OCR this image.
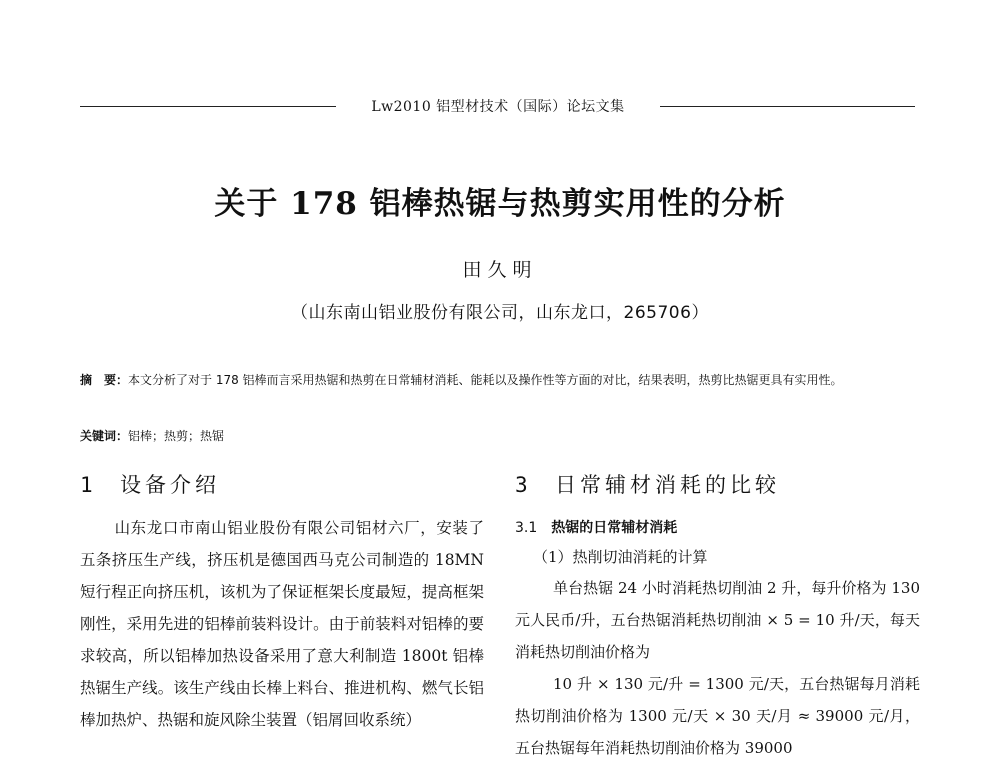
Lw2010 铝型材技术（国际）论坛文集
关于 178 铝棒热锯与热剪实用性的分析
田久明
（山东南山铝业股份有限公司，山东龙口，265706）
摘　要：本文分析了对于 178 铝棒而言采用热锯和热剪在日常辅材消耗、能耗以及操作性等方面的对比，结果表明，热剪比热锯更具有实用性。
关键词：铝棒；热剪；热锯
1 设备介绍
山东龙口市南山铝业股份有限公司铝材六厂，安装了五条挤压生产线，挤压机是德国西马克公司制造的 18MN 短行程正向挤压机，该机为了保证框架长度最短，提高框架刚性，采用先进的铝棒前装料设计。由于前装料对铝棒的要求较高，所以铝棒加热设备采用了意大利制造 1800t 铝棒热锯生产线。该生产线由长棒上料台、推进机构、燃气长铝棒加热炉、热锯和旋风除尘装置（铝屑回收系统）
3 日常辅材消耗的比较
3.1 热锯的日常辅材消耗
（1）热削切油消耗的计算
单台热锯 24 小时消耗热切削油 2 升，每升价格为 130 元人民币/升，五台热锯消耗热切削油 × 5 = 10 升/天，每天消耗热切削油价格为
10 升 × 130 元/升 = 1300 元/天，五台热锯每月消耗热切削油价格为 1300 元/天 × 30 天/月 ≈ 39000 元/月，五台热锯每年消耗热切削油价格为 39000
